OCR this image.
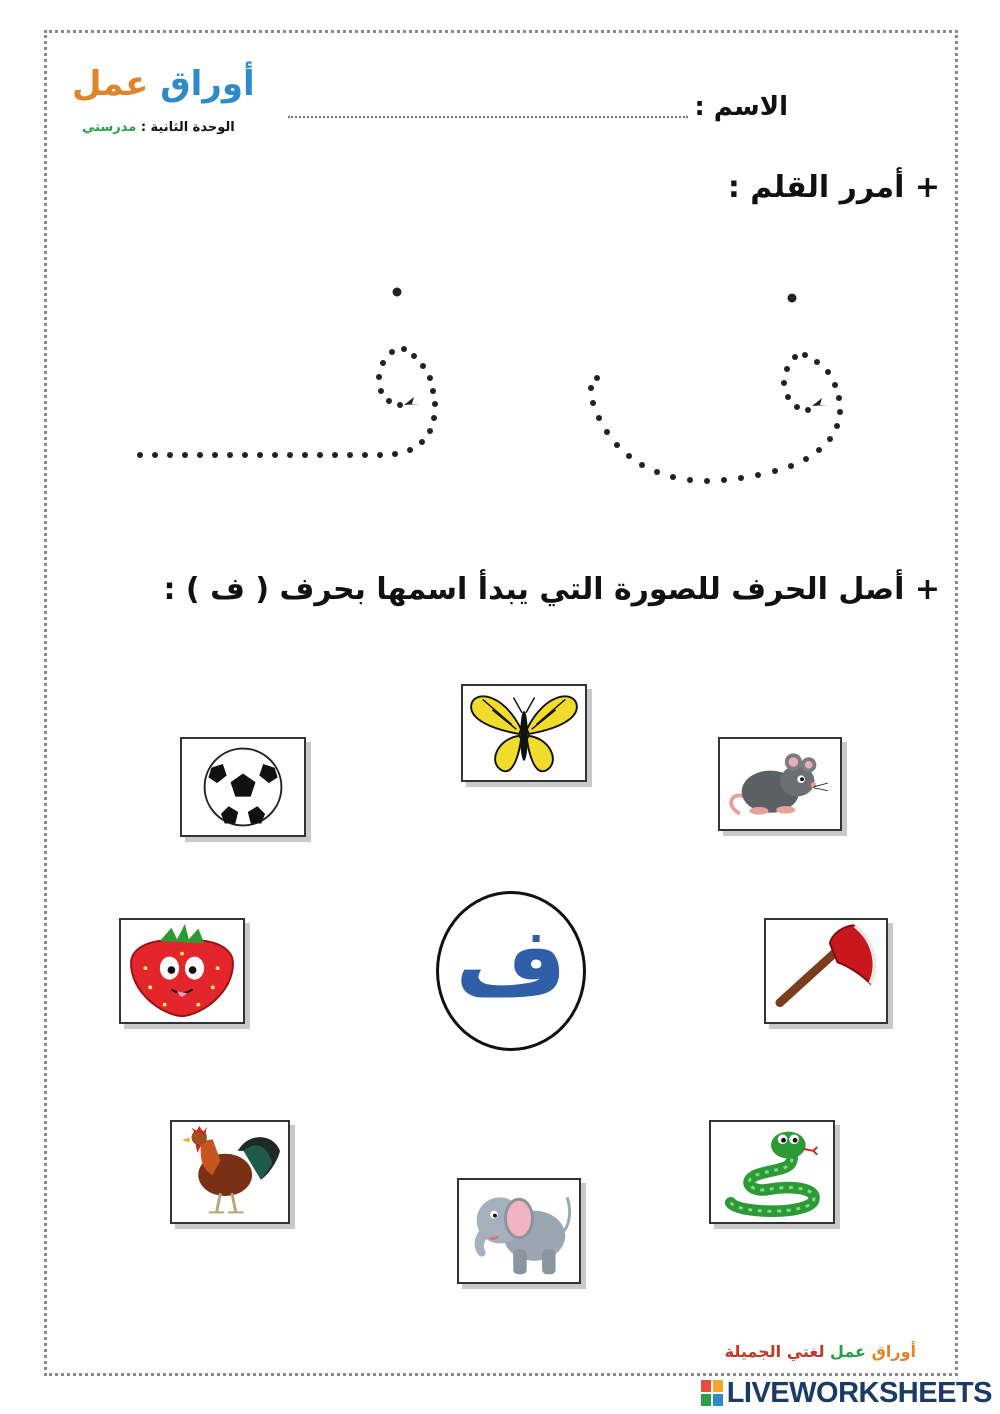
أوراق عمل
الوحدة الثانية : مدرستي
الاسم :
+ أمرر القلم :
+ أصل الحرف للصورة التي يبدأ اسمها بحرف ( ف ) :
ف
أوراق عمل لغتي الجميلة
LIVEWORKSHEETS
